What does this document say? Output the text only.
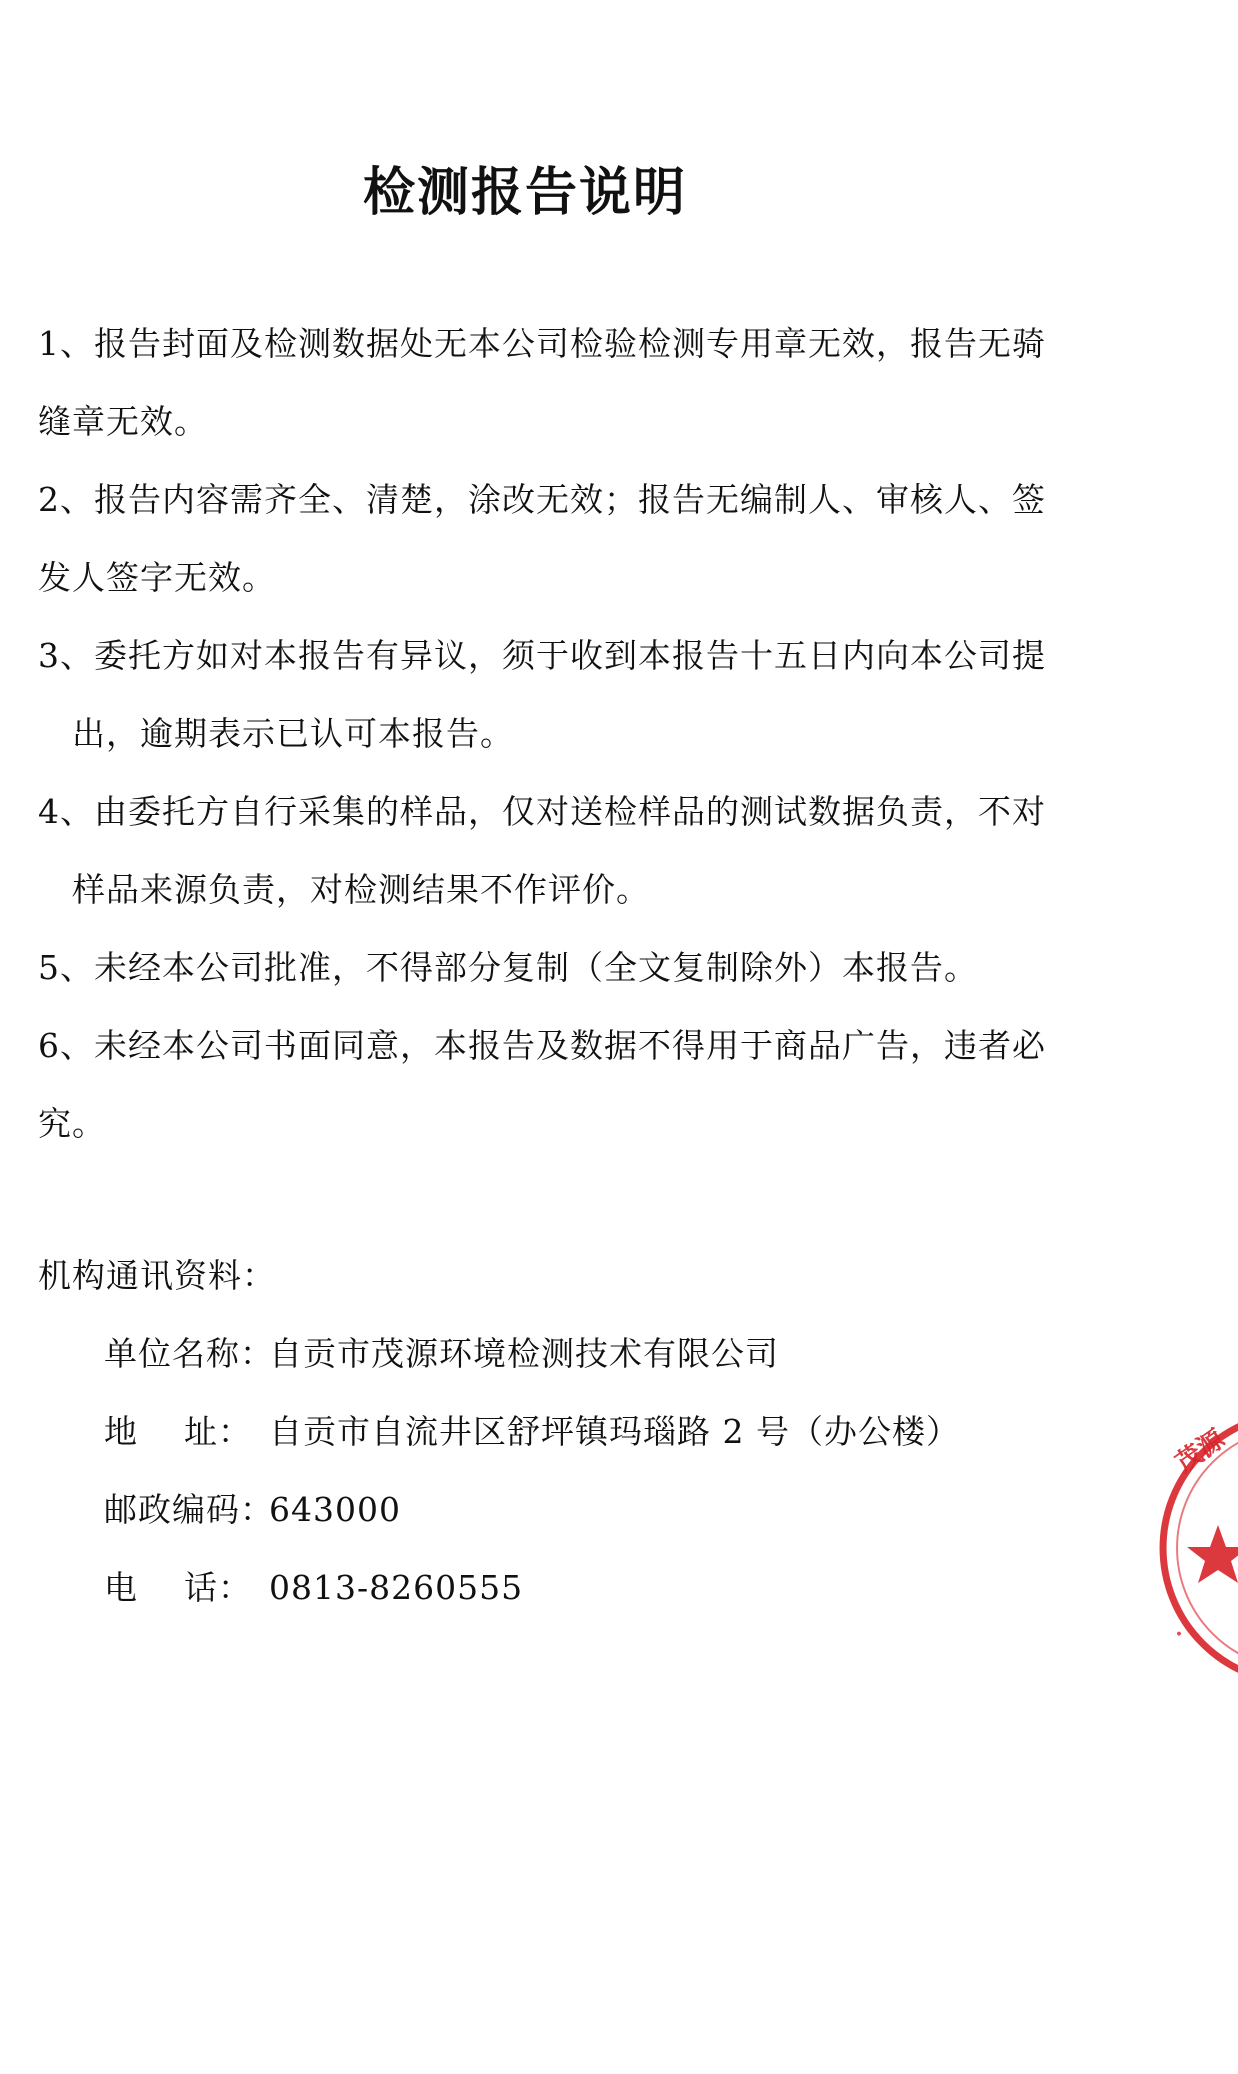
检测报告说明
1、报告封面及检测数据处无本公司检验检测专用章无效，报告无骑
缝章无效。
2、报告内容需齐全、清楚，涂改无效；报告无编制人、审核人、签
发人签字无效。
3、委托方如对本报告有异议，须于收到本报告十五日内向本公司提
出，逾期表示已认可本报告。
4、由委托方自行采集的样品，仅对送检样品的测试数据负责，不对
样品来源负责，对检测结果不作评价。
5、未经本公司批准，不得部分复制（全文复制除外）本报告。
6、未经本公司书面同意，本报告及数据不得用于商品广告，违者必
究。
机构通讯资料：
单位名称：自贡市茂源环境检测技术有限公司
地    址： 自贡市自流井区舒坪镇玛瑙路 2 号（办公楼）
邮政编码：643000
电    话： 0813-8260555
茂源
·
